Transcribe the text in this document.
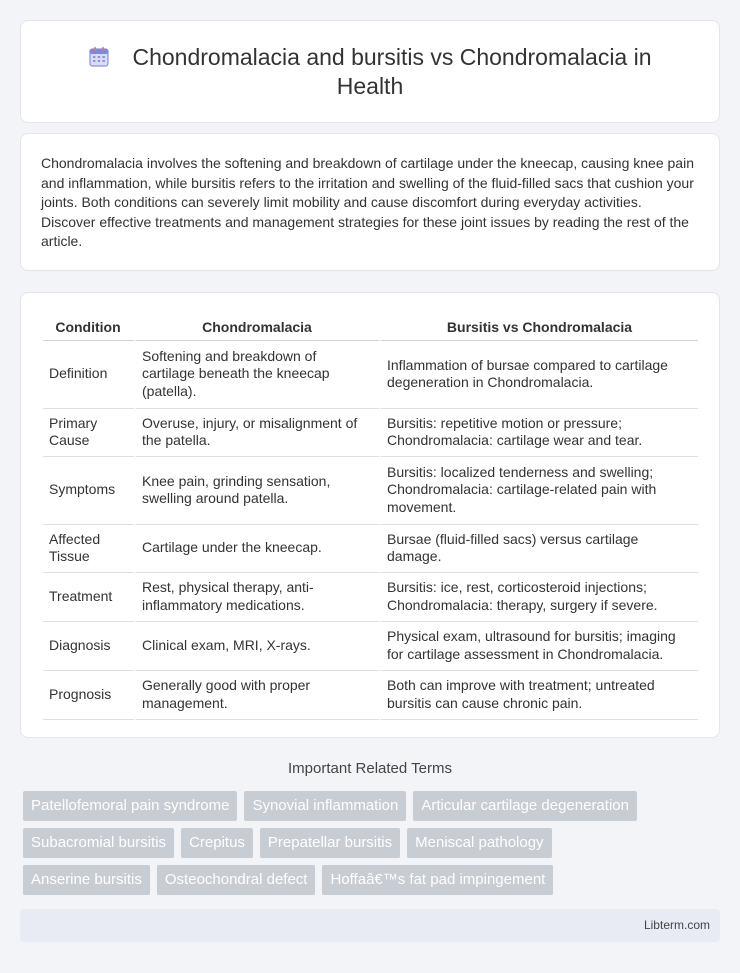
Chondromalacia and bursitis vs Chondromalacia in Health

Chondromalacia involves the softening and breakdown of cartilage under the kneecap, causing knee pain and inflammation, while bursitis refers to the irritation and swelling of the fluid-filled sacs that cushion your joints. Both conditions can severely limit mobility and cause discomfort during everyday activities. Discover effective treatments and management strategies for these joint issues by reading the rest of the article.

Condition	Chondromalacia	Bursitis vs Chondromalacia
Definition	Softening and breakdown of cartilage beneath the kneecap (patella).	Inflammation of bursae compared to cartilage degeneration in Chondromalacia.
Primary Cause	Overuse, injury, or misalignment of the patella.	Bursitis: repetitive motion or pressure; Chondromalacia: cartilage wear and tear.
Symptoms	Knee pain, grinding sensation, swelling around patella.	Bursitis: localized tenderness and swelling; Chondromalacia: cartilage-related pain with movement.
Affected Tissue	Cartilage under the kneecap.	Bursae (fluid-filled sacs) versus cartilage damage.
Treatment	Rest, physical therapy, anti-inflammatory medications.	Bursitis: ice, rest, corticosteroid injections; Chondromalacia: therapy, surgery if severe.
Diagnosis	Clinical exam, MRI, X-rays.	Physical exam, ultrasound for bursitis; imaging for cartilage assessment in Chondromalacia.
Prognosis	Generally good with proper management.	Both can improve with treatment; untreated bursitis can cause chronic pain.
Important Related Terms
Patellofemoral pain syndrome	Synovial inflammation	Articular cartilage degeneration
Subacromial bursitis	Crepitus	Prepatellar bursitis	Meniscal pathology
Anserine bursitis	Osteochondral defect	Hoffaâ€™s fat pad impingement
Libterm.com
